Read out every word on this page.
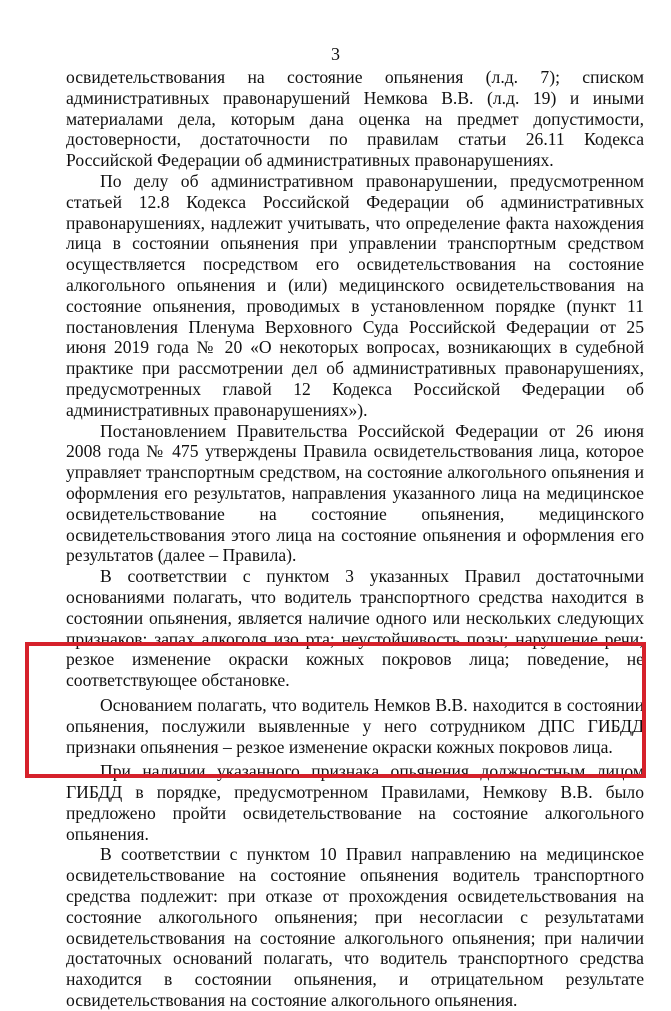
3

освидетельствования на состояние опьянения (л.д. 7); списком административных правонарушений Немкова В.В. (л.д. 19) и иными материалами дела, которым дана оценка на предмет допустимости, достоверности, достаточности по правилам статьи 26.11 Кодекса Российской Федерации об административных правонарушениях.

По делу об административном правонарушении, предусмотренном статьей 12.8 Кодекса Российской Федерации об административных правонарушениях, надлежит учитывать, что определение факта нахождения лица в состоянии опьянения при управлении транспортным средством осуществляется посредством его освидетельствования на состояние алкогольного опьянения и (или) медицинского освидетельствования на состояние опьянения, проводимых в установленном порядке (пункт 11 постановления Пленума Верховного Суда Российской Федерации от 25 июня 2019 года № 20 «О некоторых вопросах, возникающих в судебной практике при рассмотрении дел об административных правонарушениях, предусмотренных главой 12 Кодекса Российской Федерации об административных правонарушениях»).

Постановлением Правительства Российской Федерации от 26 июня 2008 года № 475 утверждены Правила освидетельствования лица, которое управляет транспортным средством, на состояние алкогольного опьянения и оформления его результатов, направления указанного лица на медицинское освидетельствование на состояние опьянения, медицинского освидетельствования этого лица на состояние опьянения и оформления его результатов (далее – Правила).

В соответствии с пунктом 3 указанных Правил достаточными основаниями полагать, что водитель транспортного средства находится в состоянии опьянения, является наличие одного или нескольких следующих признаков: запах алкоголя изо рта; неустойчивость позы; нарушение речи; резкое изменение окраски кожных покровов лица; поведение, не соответствующее обстановке.

Основанием полагать, что водитель Немков В.В. находится в состоянии опьянения, послужили выявленные у него сотрудником ДПС ГИБДД признаки опьянения – резкое изменение окраски кожных покровов лица.

При наличии указанного признака опьянения должностным лицом ГИБДД в порядке, предусмотренном Правилами, Немкову В.В. было предложено пройти освидетельствование на состояние алкогольного опьянения.

В соответствии с пунктом 10 Правил направлению на медицинское освидетельствование на состояние опьянения водитель транспортного средства подлежит: при отказе от прохождения освидетельствования на состояние алкогольного опьянения; при несогласии с результатами освидетельствования на состояние алкогольного опьянения; при наличии достаточных оснований полагать, что водитель транспортного средства находится в состоянии опьянения, и отрицательном результате освидетельствования на состояние алкогольного опьянения.
